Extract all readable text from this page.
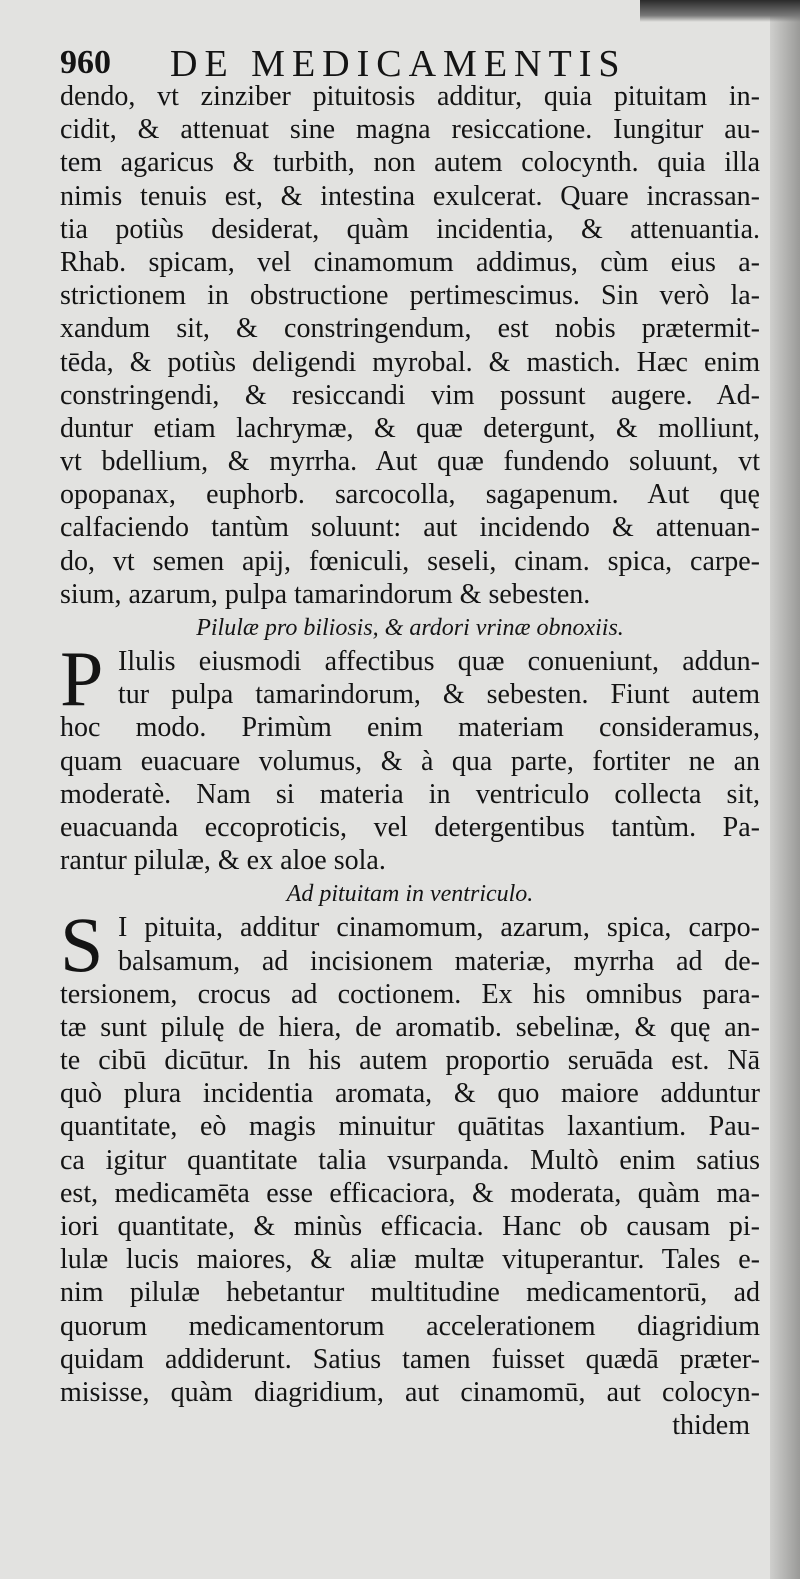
960 DE MEDICAMENTIS
dendo, vt zinziber pituitosis additur, quia pituitam in-
cidit, & attenuat sine magna resiccatione. Iungitur au-
tem agaricus & turbith, non autem colocynth. quia illa
nimis tenuis est, & intestina exulcerat. Quare incrassan-
tia potiùs desiderat, quàm incidentia, & attenuantia.
Rhab. spicam, vel cinamomum addimus, cùm eius a-
strictionem in obstructione pertimescimus. Sin verò la-
xandum sit, & constringendum, est nobis prætermit-
tēda, & potiùs deligendi myrobal. & mastich. Hæc enim
constringendi, & resiccandi vim possunt augere. Ad-
duntur etiam lachrymæ, & quæ detergunt, & molliunt,
vt bdellium, & myrrha. Aut quæ fundendo soluunt, vt
opopanax, euphorb. sarcocolla, sagapenum. Aut quę
calfaciendo tantùm soluunt: aut incidendo & attenuan-
do, vt semen apij, fœniculi, seseli, cinam. spica, carpe-
sium, azarum, pulpa tamarindorum & sebesten.
Pilulæ pro biliosis, & ardori vrinæ obnoxiis.
P Ilulis eiusmodi affectibus quæ conueniunt, addun-
tur pulpa tamarindorum, & sebesten. Fiunt autem
hoc modo. Primùm enim materiam consideramus,
quam euacuare volumus, & à qua parte, fortiter ne an
moderatè. Nam si materia in ventriculo collecta sit,
euacuanda eccoproticis, vel detergentibus tantùm. Pa-
rantur pilulæ, & ex aloe sola.
Ad pituitam in ventriculo.
S I pituita, additur cinamomum, azarum, spica, carpo-
balsamum, ad incisionem materiæ, myrrha ad de-
tersionem, crocus ad coctionem. Ex his omnibus para-
tæ sunt pilulę de hiera, de aromatib. sebelinæ, & quę an-
te cibū dicūtur. In his autem proportio seruāda est. Nā
quò plura incidentia aromata, & quo maiore adduntur
quantitate, eò magis minuitur quātitas laxantium. Pau-
ca igitur quantitate talia vsurpanda. Multò enim satius
est, medicamēta esse efficaciora, & moderata, quàm ma-
iori quantitate, & minùs efficacia. Hanc ob causam pi-
lulæ lucis maiores, & aliæ multæ vituperantur. Tales e-
nim pilulæ hebetantur multitudine medicamentorū, ad
quorum medicamentorum accelerationem diagridium
quidam addiderunt. Satius tamen fuisset quædā præter-
misisse, quàm diagridium, aut cinamomū, aut colocyn-
thidem
